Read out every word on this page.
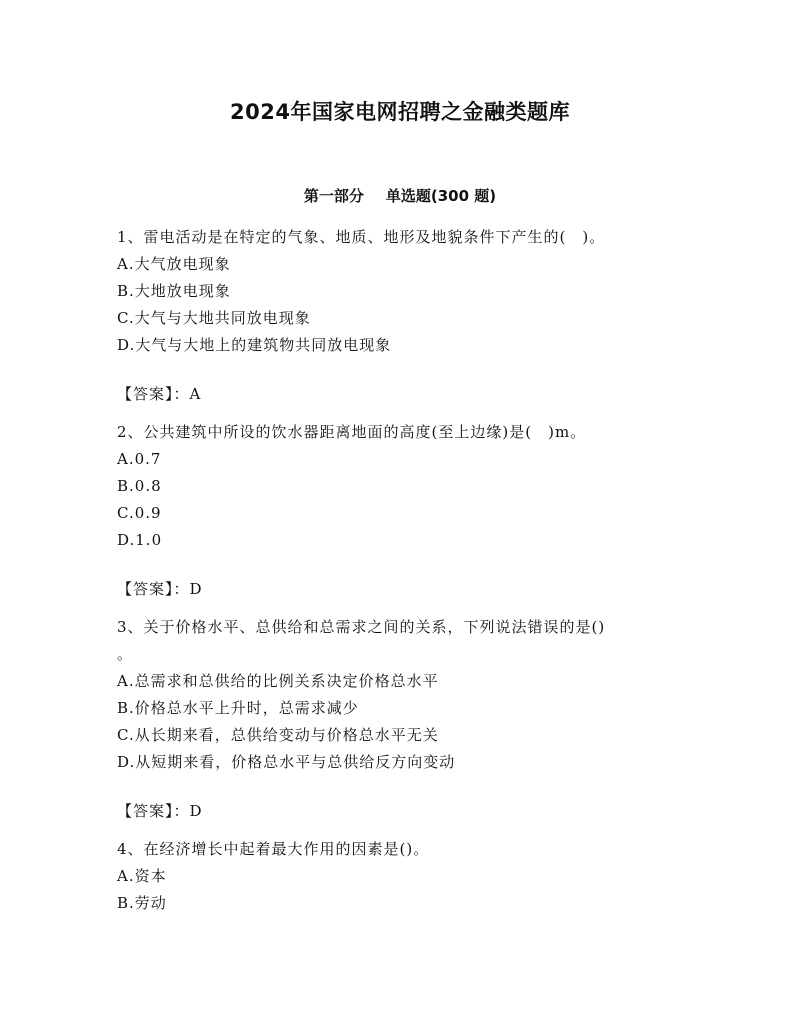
2024年国家电网招聘之金融类题库
第一部分 单选题(300 题)
1、雷电活动是在特定的气象、地质、地形及地貌条件下产生的(　)。
A.大气放电现象
B.大地放电现象
C.大气与大地共同放电现象
D.大气与大地上的建筑物共同放电现象
【答案】：A
2、公共建筑中所设的饮水器距离地面的高度(至上边缘)是(　)m。
A.0.7
B.0.8
C.0.9
D.1.0
【答案】：D
3、关于价格水平、总供给和总需求之间的关系，下列说法错误的是()
。
A.总需求和总供给的比例关系决定价格总水平
B.价格总水平上升时，总需求减少
C.从长期来看，总供给变动与价格总水平无关
D.从短期来看，价格总水平与总供给反方向变动
【答案】：D
4、在经济增长中起着最大作用的因素是()。
A.资本
B.劳动
